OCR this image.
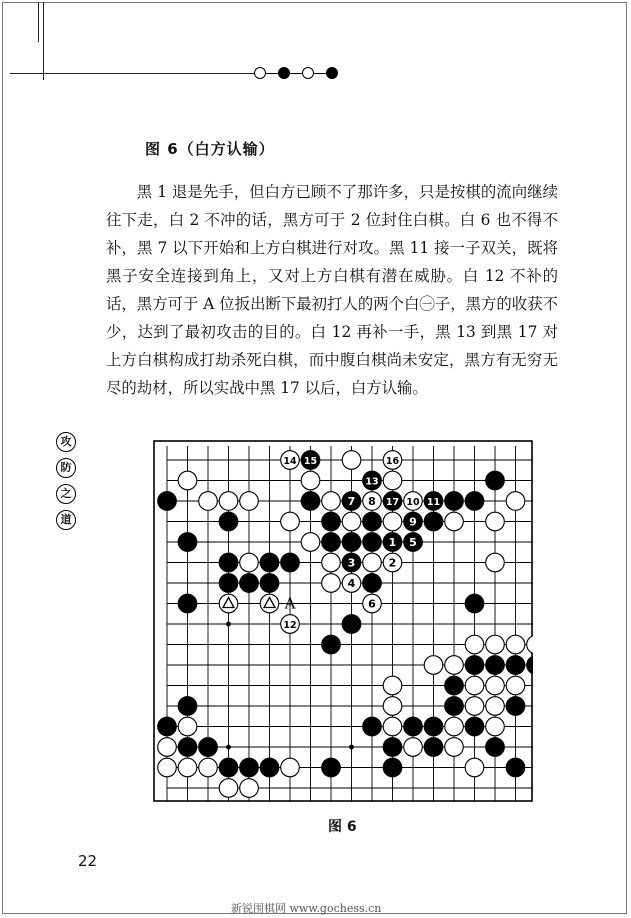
图 6（白方认输）

黑 1 退是先手，但白方已顾不了那许多，只是按棋的流向继续往下走，白 2 不冲的话，黑方可于 2 位封住白棋。白 6 也不得不补，黑 7 以下开始和上方白棋进行对攻。黑 11 接一子双关，既将黑子安全连接到角上，又对上方白棋有潜在威胁。白 12 不补的话，黑方可于 A 位扳出断下最初打人的两个白㊀子，黑方的收获不少，达到了最初攻击的目的。白 12 再补一手，黑 13 到黑 17 对上方白棋构成打劫杀死白棋，而中腹白棋尚未安定，黑方有无穷无尽的劫材，所以实战中黑 17 以后，白方认输。

攻
防
之
道
14 15	16
13
7 8 17 10 11
9
1 5
3	2
4
6
12
A
图 6
22
新锐围棋网 www.gochess.cn
